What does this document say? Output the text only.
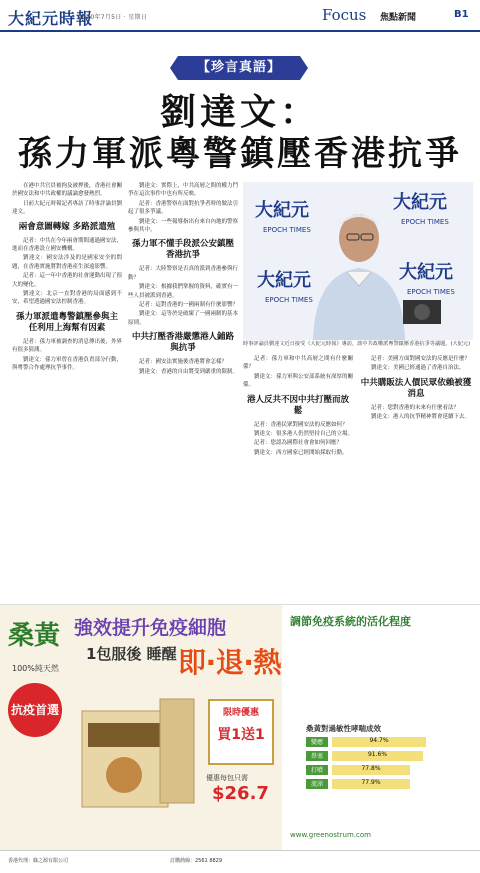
大紀元時報
2020年7月5日 ‧ 星期日	Focus 焦點新聞	B1
【珍言真語】
劉達文：
孫力軍派粵警鎮壓香港抗爭

在港中共官員被拘及被押後，香港社會關於國安法和中共政權的議論愈發熱烈。

日前大紀元時報記者專訪了時事評論員劉達文。

兩會意圖轉嫁 多路派遣殖

記者：中共在今年兩會期間通過國安法，進而在香港設立國安機構。

劉達文：國安法涉及的是國家安全的問題，在香港實施將對香港產生深遠影響。

記者：這一年中香港的社會運動出現了很大的變化。

劉達文：北京一直對香港的局面感到不安，希望透過國安法控制香港。

孫力軍派遣粵警鎮壓參與主任利用上海幫有因素

記者：孫力軍被調查的消息傳出後，外界有很多猜測。

劉達文：孫力軍曾在香港負責部分行動，與粵警合作處理抗爭事件。

劉達文：實際上，中共高層之間的權力鬥爭在這次事件中也有所反映。

記者：香港警察在面對抗爭者時的做法引起了很多爭議。

劉達文：一些報導指出有來自內地的警察參與其中。

孫力軍不懂手段派公安鎮壓香港抗爭

記者：大陸警察是否真的派到香港參與行動？

劉達文：根據我們掌握的資料，確實有一些人員被派到香港。

記者：這對香港的一國兩制有什麼影響？

劉達文：這等於是破壞了一國兩制的基本原則。

中共打壓香港嚴懲港人鋪路與抗爭

記者：國安法實施後香港將會怎樣？

劉達文：香港的自由將受到嚴重的限制。

大紀元
EPOCH TIMES
大紀元
EPOCH TIMES
大紀元
EPOCH TIMES
大紀元
EPOCH TIMES
時事評論員劉達文近日接受《大紀元時報》專訪，談中共政權派粵警鎮壓香港抗爭等議題。(大紀元)

記者：孫力軍和中共高層之間有什麼關係？

劉達文：孫力軍與公安部系統有深厚的關係。

港人反共不因中共打壓而放鬆

記者：香港民眾對國安法的反應如何？

劉達文：很多港人仍然堅持自己的立場。

記者：您認為國際社會會如何回應？

劉達文：西方國家已經開始採取行動。

記者：美國方面對國安法的反應是什麼？

劉達文：美國已經通過了香港自治法。

中共購販法人價民眾依賴被獲消息

記者：您對香港的未來有什麼看法？

劉達文：港人的抗爭精神將會延續下去。

桑黃
100%純天然
強效提升免疫細胞
1包服後 睡醒 即‧退‧熱
抗疫首選	限時優惠
買1送1
優惠每包只需
$26.7
調節免疫系統的活化程度
桑黃對過敏性哮喘成效
變應	94.7%
鼻塞	91.6%
打噴	77.8%
流涕	77.9%
www.greenostrum.com
香港代理：綠之源有限公司	訂購熱線：2561 8829
